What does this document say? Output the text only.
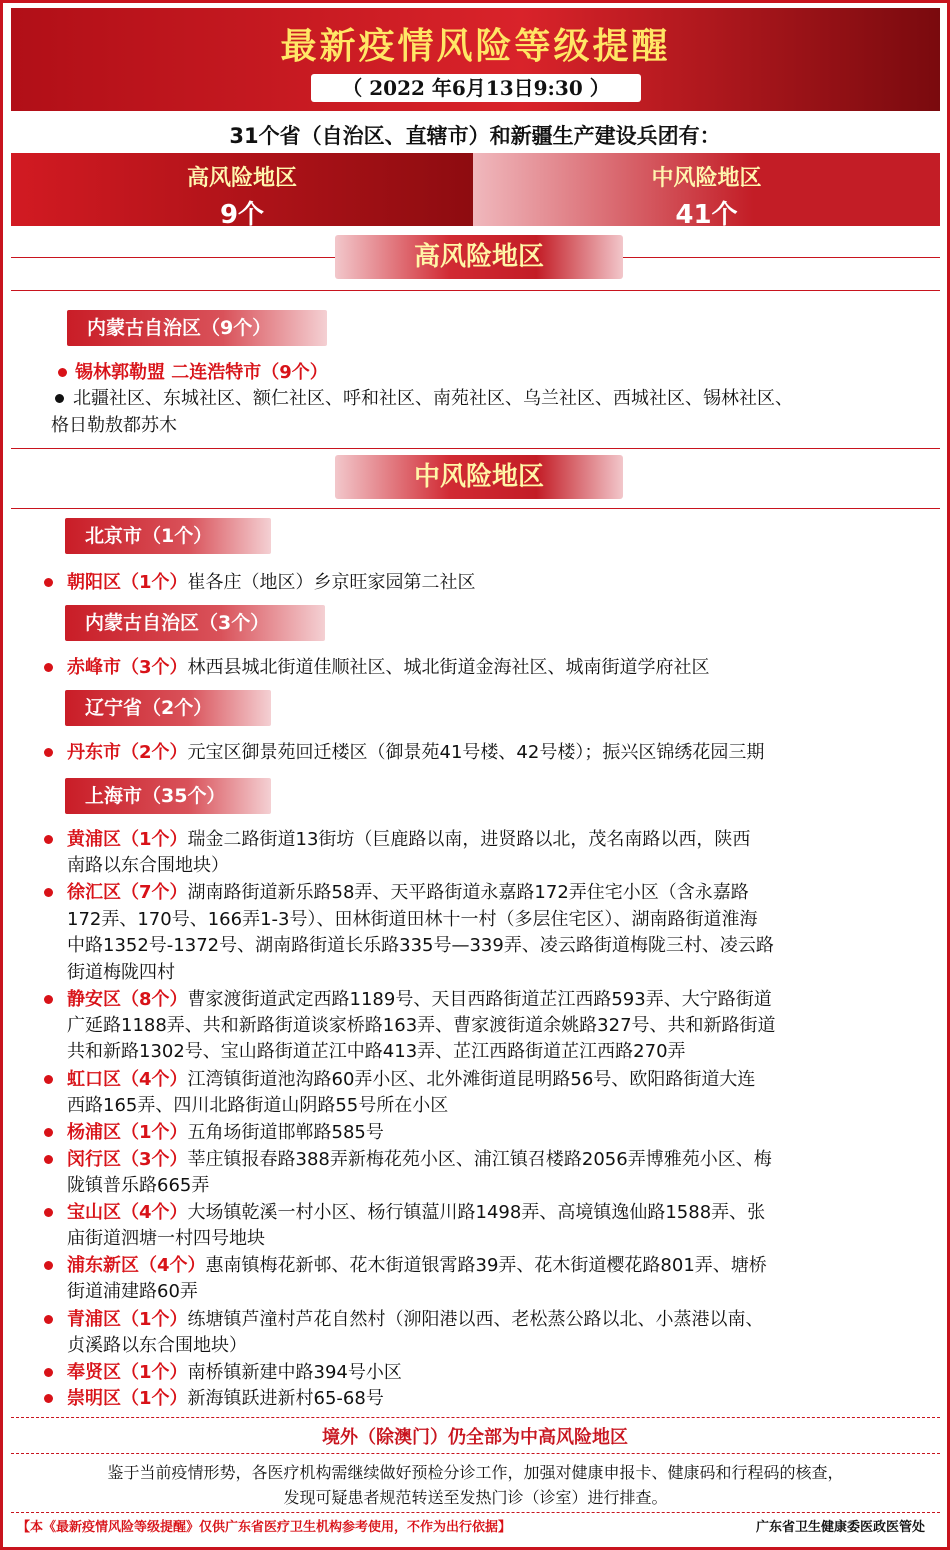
最新疫情风险等级提醒
（ 2022 年6月13日9:30 ）
31个省（自治区、直辖市）和新疆生产建设兵团有：
高风险地区
9个
中风险地区
41个
高风险地区
内蒙古自治区（9个）
锡林郭勒盟 二连浩特市（9个）
北疆社区、东城社区、额仁社区、呼和社区、南苑社区、乌兰社区、西城社区、锡林社区、
格日勒敖都苏木
中风险地区
北京市（1个）
朝阳区（1个）崔各庄（地区）乡京旺家园第二社区
内蒙古自治区（3个）
赤峰市（3个）林西县城北街道佳顺社区、城北街道金海社区、城南街道学府社区
辽宁省（2个）
丹东市（2个）元宝区御景苑回迁楼区（御景苑41号楼、42号楼）；振兴区锦绣花园三期
上海市（35个）
黄浦区（1个）瑞金二路街道13街坊（巨鹿路以南，进贤路以北，茂名南路以西，陕西
南路以东合围地块）
徐汇区（7个）湖南路街道新乐路58弄、天平路街道永嘉路172弄住宅小区（含永嘉路
172弄、170号、166弄1-3号）、田林街道田林十一村（多层住宅区）、湖南路街道淮海
中路1352号-1372号、湖南路街道长乐路335号—339弄、凌云路街道梅陇三村、凌云路
街道梅陇四村
静安区（8个）曹家渡街道武定西路1189号、天目西路街道芷江西路593弄、大宁路街道
广延路1188弄、共和新路街道谈家桥路163弄、曹家渡街道余姚路327号、共和新路街道
共和新路1302号、宝山路街道芷江中路413弄、芷江西路街道芷江西路270弄
虹口区（4个）江湾镇街道池沟路60弄小区、北外滩街道昆明路56号、欧阳路街道大连
西路165弄、四川北路街道山阴路55号所在小区
杨浦区（1个）五角场街道邯郸路585号
闵行区（3个）莘庄镇报春路388弄新梅花苑小区、浦江镇召楼路2056弄博雅苑小区、梅
陇镇普乐路665弄
宝山区（4个）大场镇乾溪一村小区、杨行镇蕰川路1498弄、高境镇逸仙路1588弄、张
庙街道泗塘一村四号地块
浦东新区（4个）惠南镇梅花新邨、花木街道银霄路39弄、花木街道樱花路801弄、塘桥
街道浦建路60弄
青浦区（1个）练塘镇芦潼村芦花自然村（泖阳港以西、老松蒸公路以北、小蒸港以南、
贞溪路以东合围地块）
奉贤区（1个）南桥镇新建中路394号小区
崇明区（1个）新海镇跃进新村65-68号
境外（除澳门）仍全部为中高风险地区
鉴于当前疫情形势，各医疗机构需继续做好预检分诊工作，加强对健康申报卡、健康码和行程码的核查，
发现可疑患者规范转送至发热门诊（诊室）进行排查。
【本《最新疫情风险等级提醒》仅供广东省医疗卫生机构参考使用，不作为出行依据】	广东省卫生健康委医政医管处
